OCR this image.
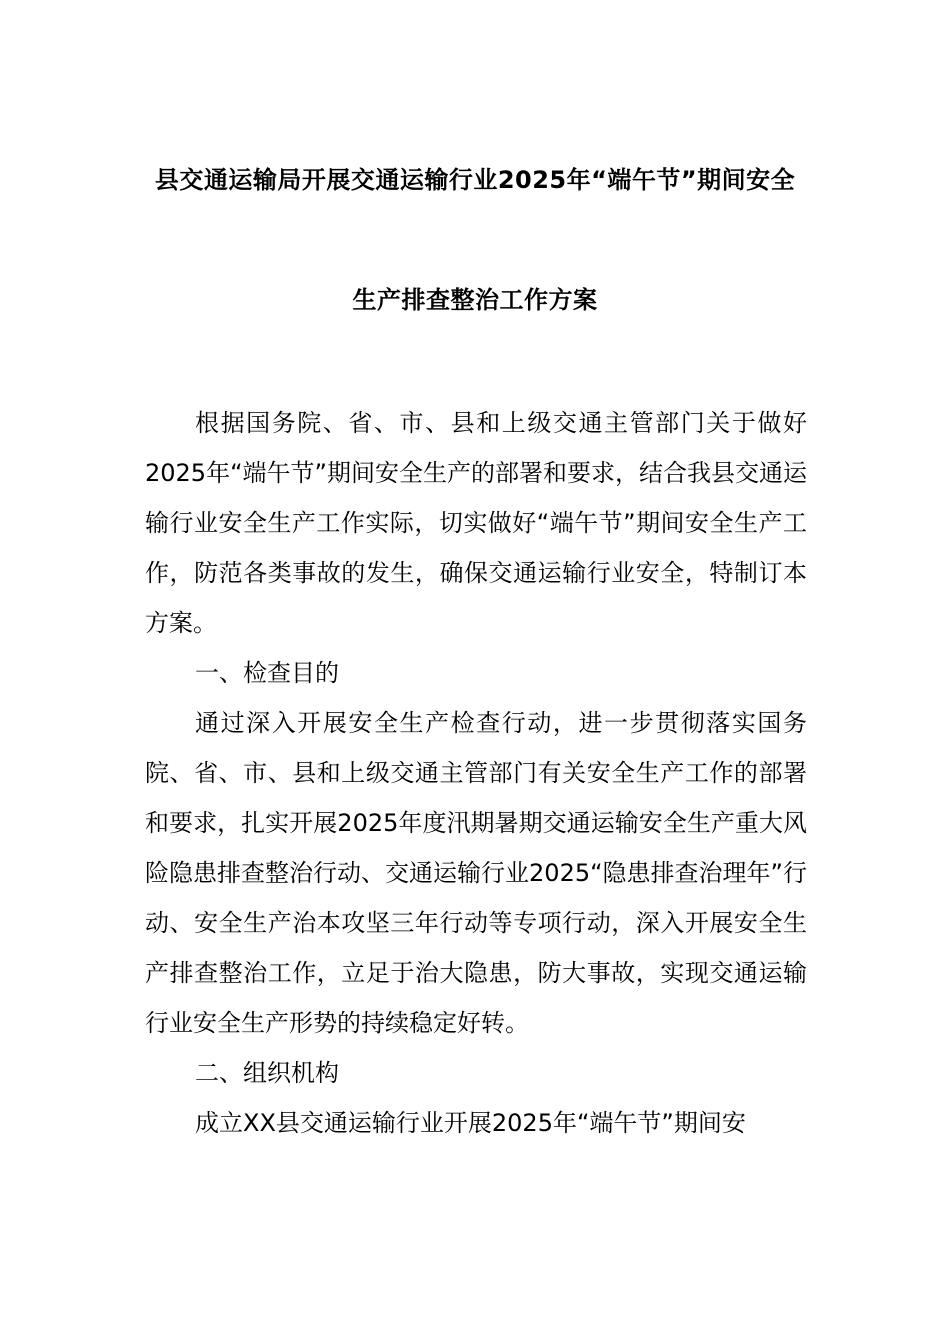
县交通运输局开展交通运输行业2025年“端午节”期间安全
生产排查整治工作方案

根据国务院、省、市、县和上级交通主管部门关于做好2025年“端午节”期间安全生产的部署和要求，结合我县交通运输行业安全生产工作实际，切实做好“端午节”期间安全生产工作，防范各类事故的发生，确保交通运输行业安全，特制订本方案。

一、检查目的

通过深入开展安全生产检查行动，进一步贯彻落实国务院、省、市、县和上级交通主管部门有关安全生产工作的部署和要求，扎实开展2025年度汛期暑期交通运输安全生产重大风险隐患排查整治行动、交通运输行业2025“隐患排查治理年”行动、安全生产治本攻坚三年行动等专项行动，深入开展安全生产排查整治工作，立足于治大隐患，防大事故，实现交通运输行业安全生产形势的持续稳定好转。

二、组织机构

成立XX县交通运输行业开展2025年“端午节”期间安
